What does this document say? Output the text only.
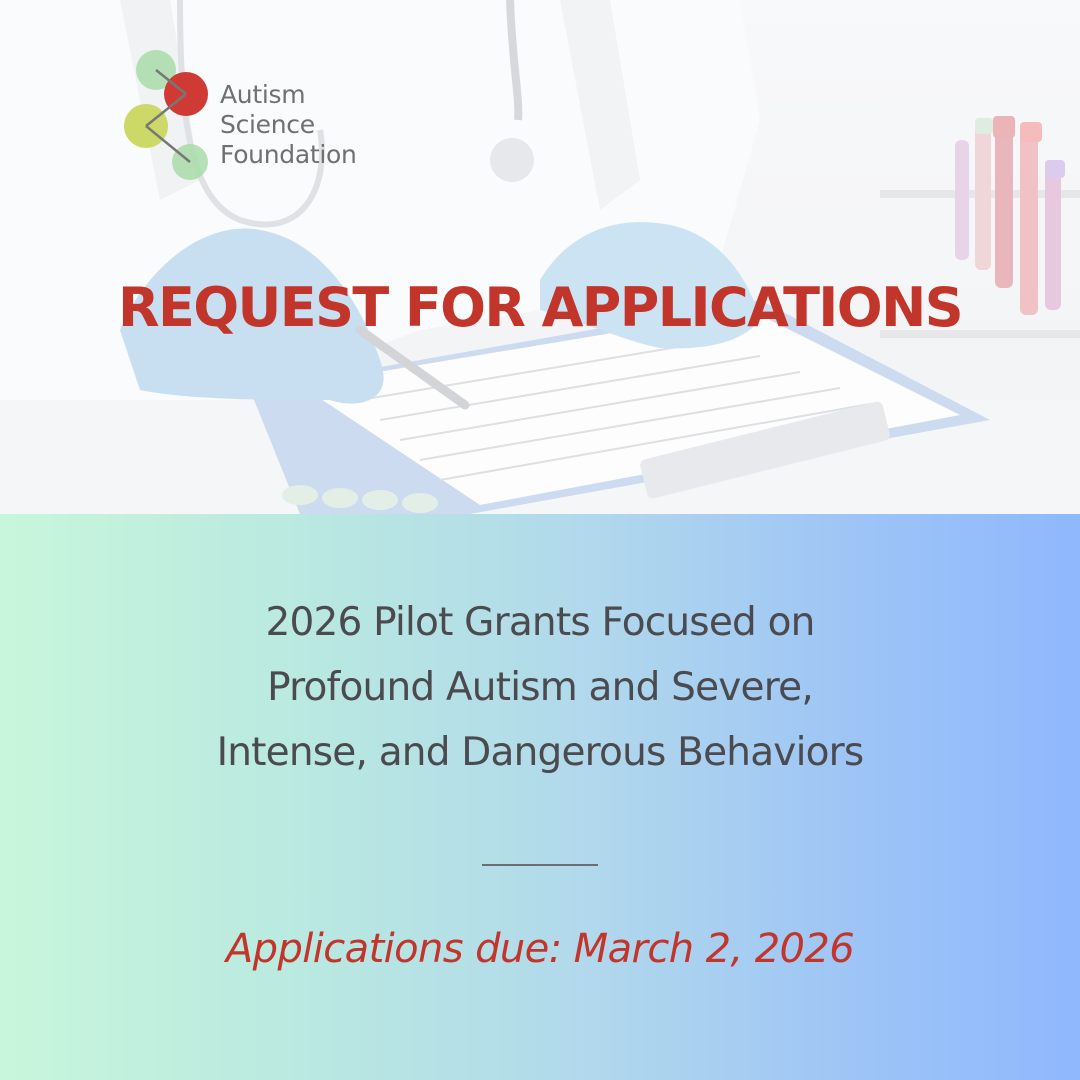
Autism
Science
Foundation
REQUEST FOR APPLICATIONS
2026 Pilot Grants Focused on
Profound Autism and Severe,
Intense, and Dangerous Behaviors
Applications due: March 2, 2026
